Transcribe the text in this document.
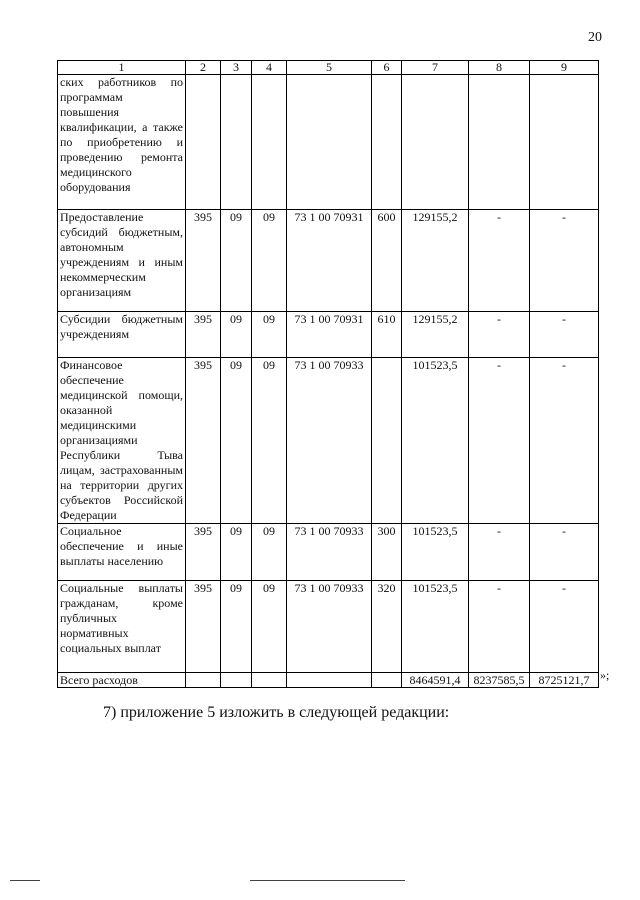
20
1	2	3	4	5	6	7	8	9
ских работников по программам повышения квалификации, а также по приобретению и проведению ремонта медицинского оборудования								
Предоставление субсидий бюджетным, автономным учреждениям и иным некоммерческим организациям	395	09	09	73 1 00 70931	600	129155,2	-	-
Субсидии бюджетным учреждениям	395	09	09	73 1 00 70931	610	129155,2	-	-
Финансовое обеспечение медицинской помощи, оказанной медицинскими организациями Республики Тыва лицам, застрахованным на территории других субъектов Российской Федерации	395	09	09	73 1 00 70933		101523,5	-	-
Социальное обеспечение и иные выплаты населению	395	09	09	73 1 00 70933	300	101523,5	-	-
Социальные выплаты гражданам, кроме публичных нормативных социальных выплат	395	09	09	73 1 00 70933	320	101523,5	-	-
Всего расходов						8464591,4	8237585,5	8725121,7 »;
7) приложение 5 изложить в следующей редакции:
